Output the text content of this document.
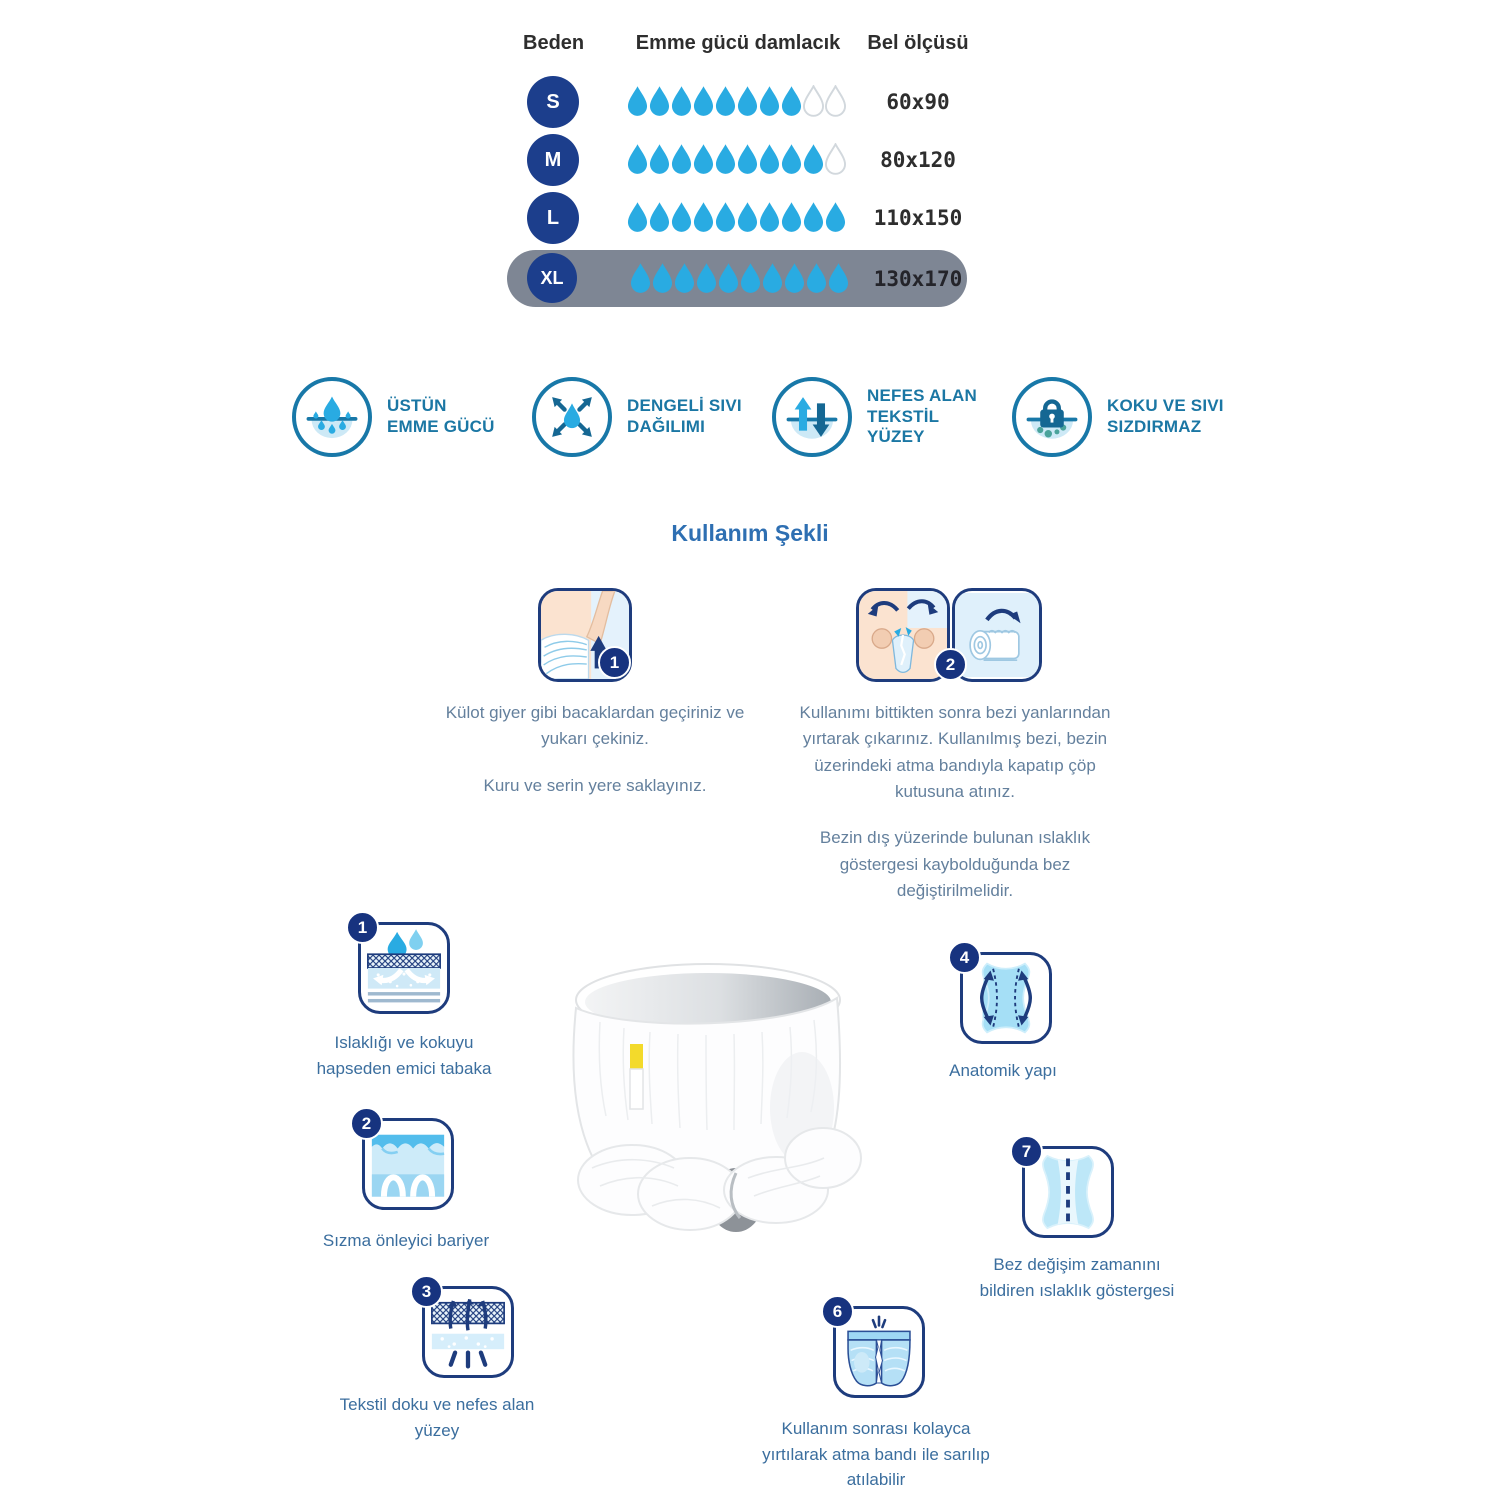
Beden	Emme gücü damlacık	Bel ölçüsü
S	60x90
M	80x120
L	110x150
XL	130x170
ÜSTÜN
EMME GÜCÜ
DENGELİ SIVI
DAĞILIMI
NEFES ALAN
TEKSTİL YÜZEY
KOKU VE SIVI
SIZDIRMAZ
Kullanım Şekli
1	2

Külot giyer gibi bacaklardan geçiriniz ve yukarı çekiniz.

Kuru ve serin yere saklayınız.

Kullanımı bittikten sonra bezi yanlarından yırtarak çıkarınız. Kullanılmış bezi, bezin üzerindeki atma bandıyla kapatıp çöp kutusuna atınız.

Bezin dış yüzerinde bulunan ıslaklık göstergesi kaybolduğunda bez değiştirilmelidir.

1
Islaklığı ve kokuyu hapseden emici tabaka
2
Sızma önleyici bariyer
3
Tekstil doku ve nefes alan yüzey
4
Anatomik yapı
7
Bez değişim zamanını bildiren ıslaklık göstergesi
6
Kullanım sonrası kolayca yırtılarak atma bandı ile sarılıp atılabilir
